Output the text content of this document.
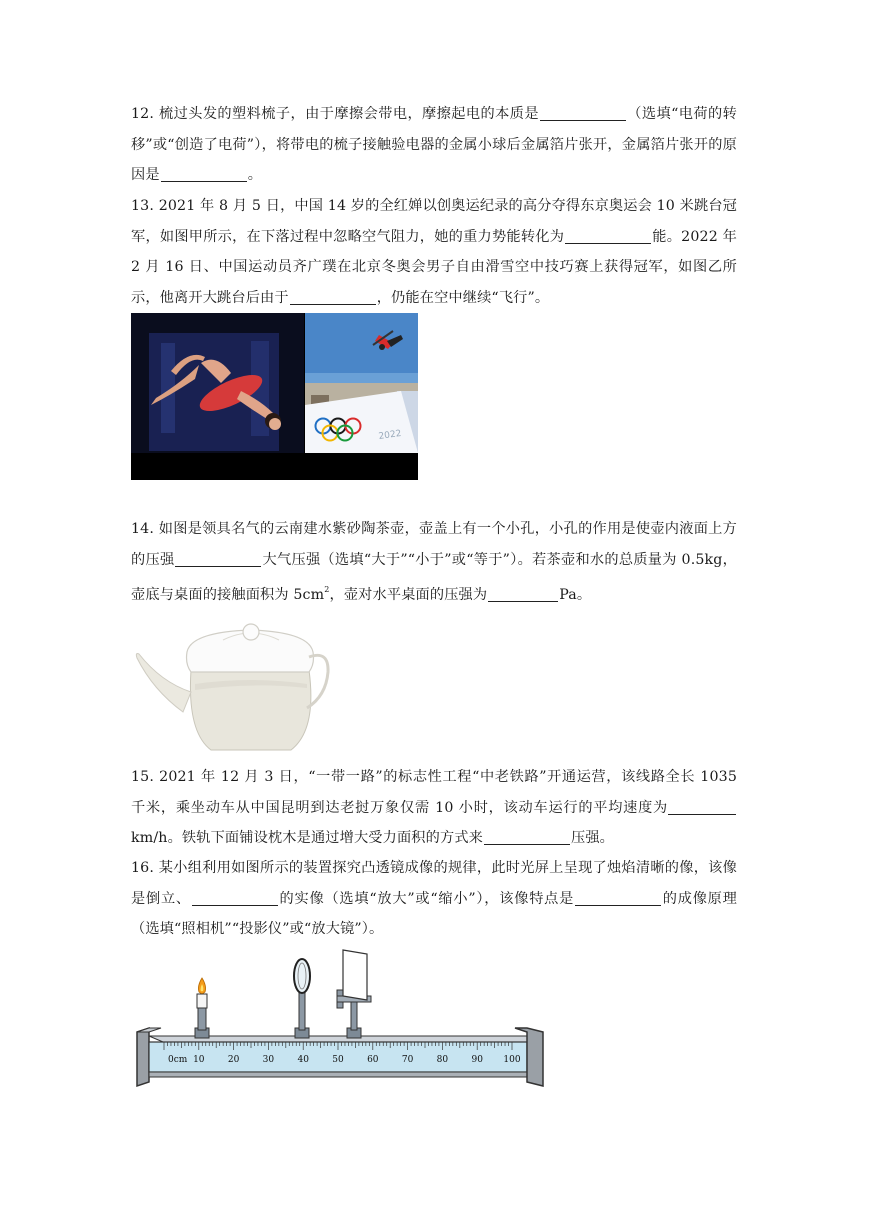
12. 梳过头发的塑料梳子，由于摩擦会带电，摩擦起电的本质是	（选填“电荷的转移”或“创造了电荷”），将带电的梳子接触验电器的金属小球后金属箔片张开，金属箔片张开的原因是	。
13. 2021 年 8 月 5 日，中国 14 岁的全红婵以创奥运纪录的高分夺得东京奥运会 10 米跳台冠军，如图甲所示，在下落过程中忽略空气阻力，她的重力势能转化为	能。2022 年 2 月 16 日、中国运动员齐广璞在北京冬奥会男子自由滑雪空中技巧赛上获得冠军，如图乙所示，他离开大跳台后由于	，仍能在空中继续“飞行”。
2022
14. 如图是领具名气的云南建水紫砂陶茶壶，壶盖上有一个小孔，小孔的作用是使壶内液面上方的压强	大气压强（选填“大于”“小于”或“等于”）。若茶壶和水的总质量为 0.5kg，壶底与桌面的接触面积为 $5cm^2$，壶对水平桌面的压强为	Pa。
15. 2021 年 12 月 3 日，“一带一路”的标志性工程“中老铁路”开通运营，该线路全长 1035 千米，乘坐动车从中国昆明到达老挝万象仅需 10 小时，该动车运行的平均速度为km/h。铁轨下面铺设枕木是通过增大受力面积的方式来	压强。
16. 某小组利用如图所示的装置探究凸透镜成像的规律，此时光屏上呈现了烛焰清晰的像，该像是倒立、	的实像（选填“放大”或“缩小”），该像特点是	的成像原理（选填“照相机”“投影仪”或“放大镜”）。
0cm 10	20	30	40	50	60	70	80	90 100
